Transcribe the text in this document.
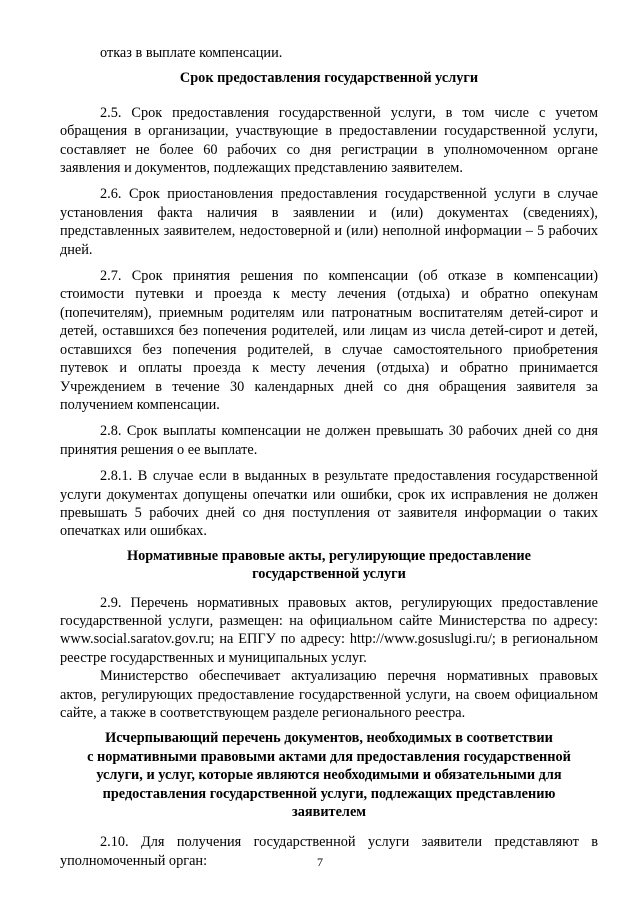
отказ в выплате компенсации.

Срок предоставления государственной услуги

2.5. Срок предоставления государственной услуги, в том числе с учетом обращения в организации, участвующие в предоставлении государственной услуги, составляет не более 60 рабочих со дня регистрации в уполномоченном органе заявления и документов, подлежащих представлению заявителем.

2.6. Срок приостановления предоставления государственной услуги в случае установления факта наличия в заявлении и (или) документах (сведениях), представленных заявителем, недостоверной и (или) неполной информации – 5 рабочих дней.

2.7. Срок принятия решения по компенсации (об отказе в компенсации) стоимости путевки и проезда к месту лечения (отдыха) и обратно опекунам (попечителям), приемным родителям или патронатным воспитателям детей-сирот и детей, оставшихся без попечения родителей, или лицам из числа детей-сирот и детей, оставшихся без попечения родителей, в случае самостоятельного приобретения путевок и оплаты проезда к месту лечения (отдыха) и обратно принимается Учреждением в течение 30 календарных дней со дня обращения заявителя за получением компенсации.

2.8. Срок выплаты компенсации не должен превышать 30 рабочих дней со дня принятия решения о ее выплате.

2.8.1. В случае если в выданных в результате предоставления государственной услуги документах допущены опечатки или ошибки, срок их исправления не должен превышать 5 рабочих дней со дня поступления от заявителя информации о таких опечатках или ошибках.

Нормативные правовые акты, регулирующие предоставление
государственной услуги

2.9. Перечень нормативных правовых актов, регулирующих предоставление государственной услуги, размещен: на официальном сайте Министерства по адресу: www.social.saratov.gov.ru; на ЕПГУ по адресу: http://www.gosuslugi.ru/; в региональном реестре государственных и муниципальных услуг.

Министерство обеспечивает актуализацию перечня нормативных правовых актов, регулирующих предоставление государственной услуги, на своем официальном сайте, а также в соответствующем разделе регионального реестра.

Исчерпывающий перечень документов, необходимых в соответствии
с нормативными правовыми актами для предоставления государственной
услуги, и услуг, которые являются необходимыми и обязательными для
предоставления государственной услуги, подлежащих представлению
заявителем

2.10. Для получения государственной услуги заявители представляют в уполномоченный орган:	7
